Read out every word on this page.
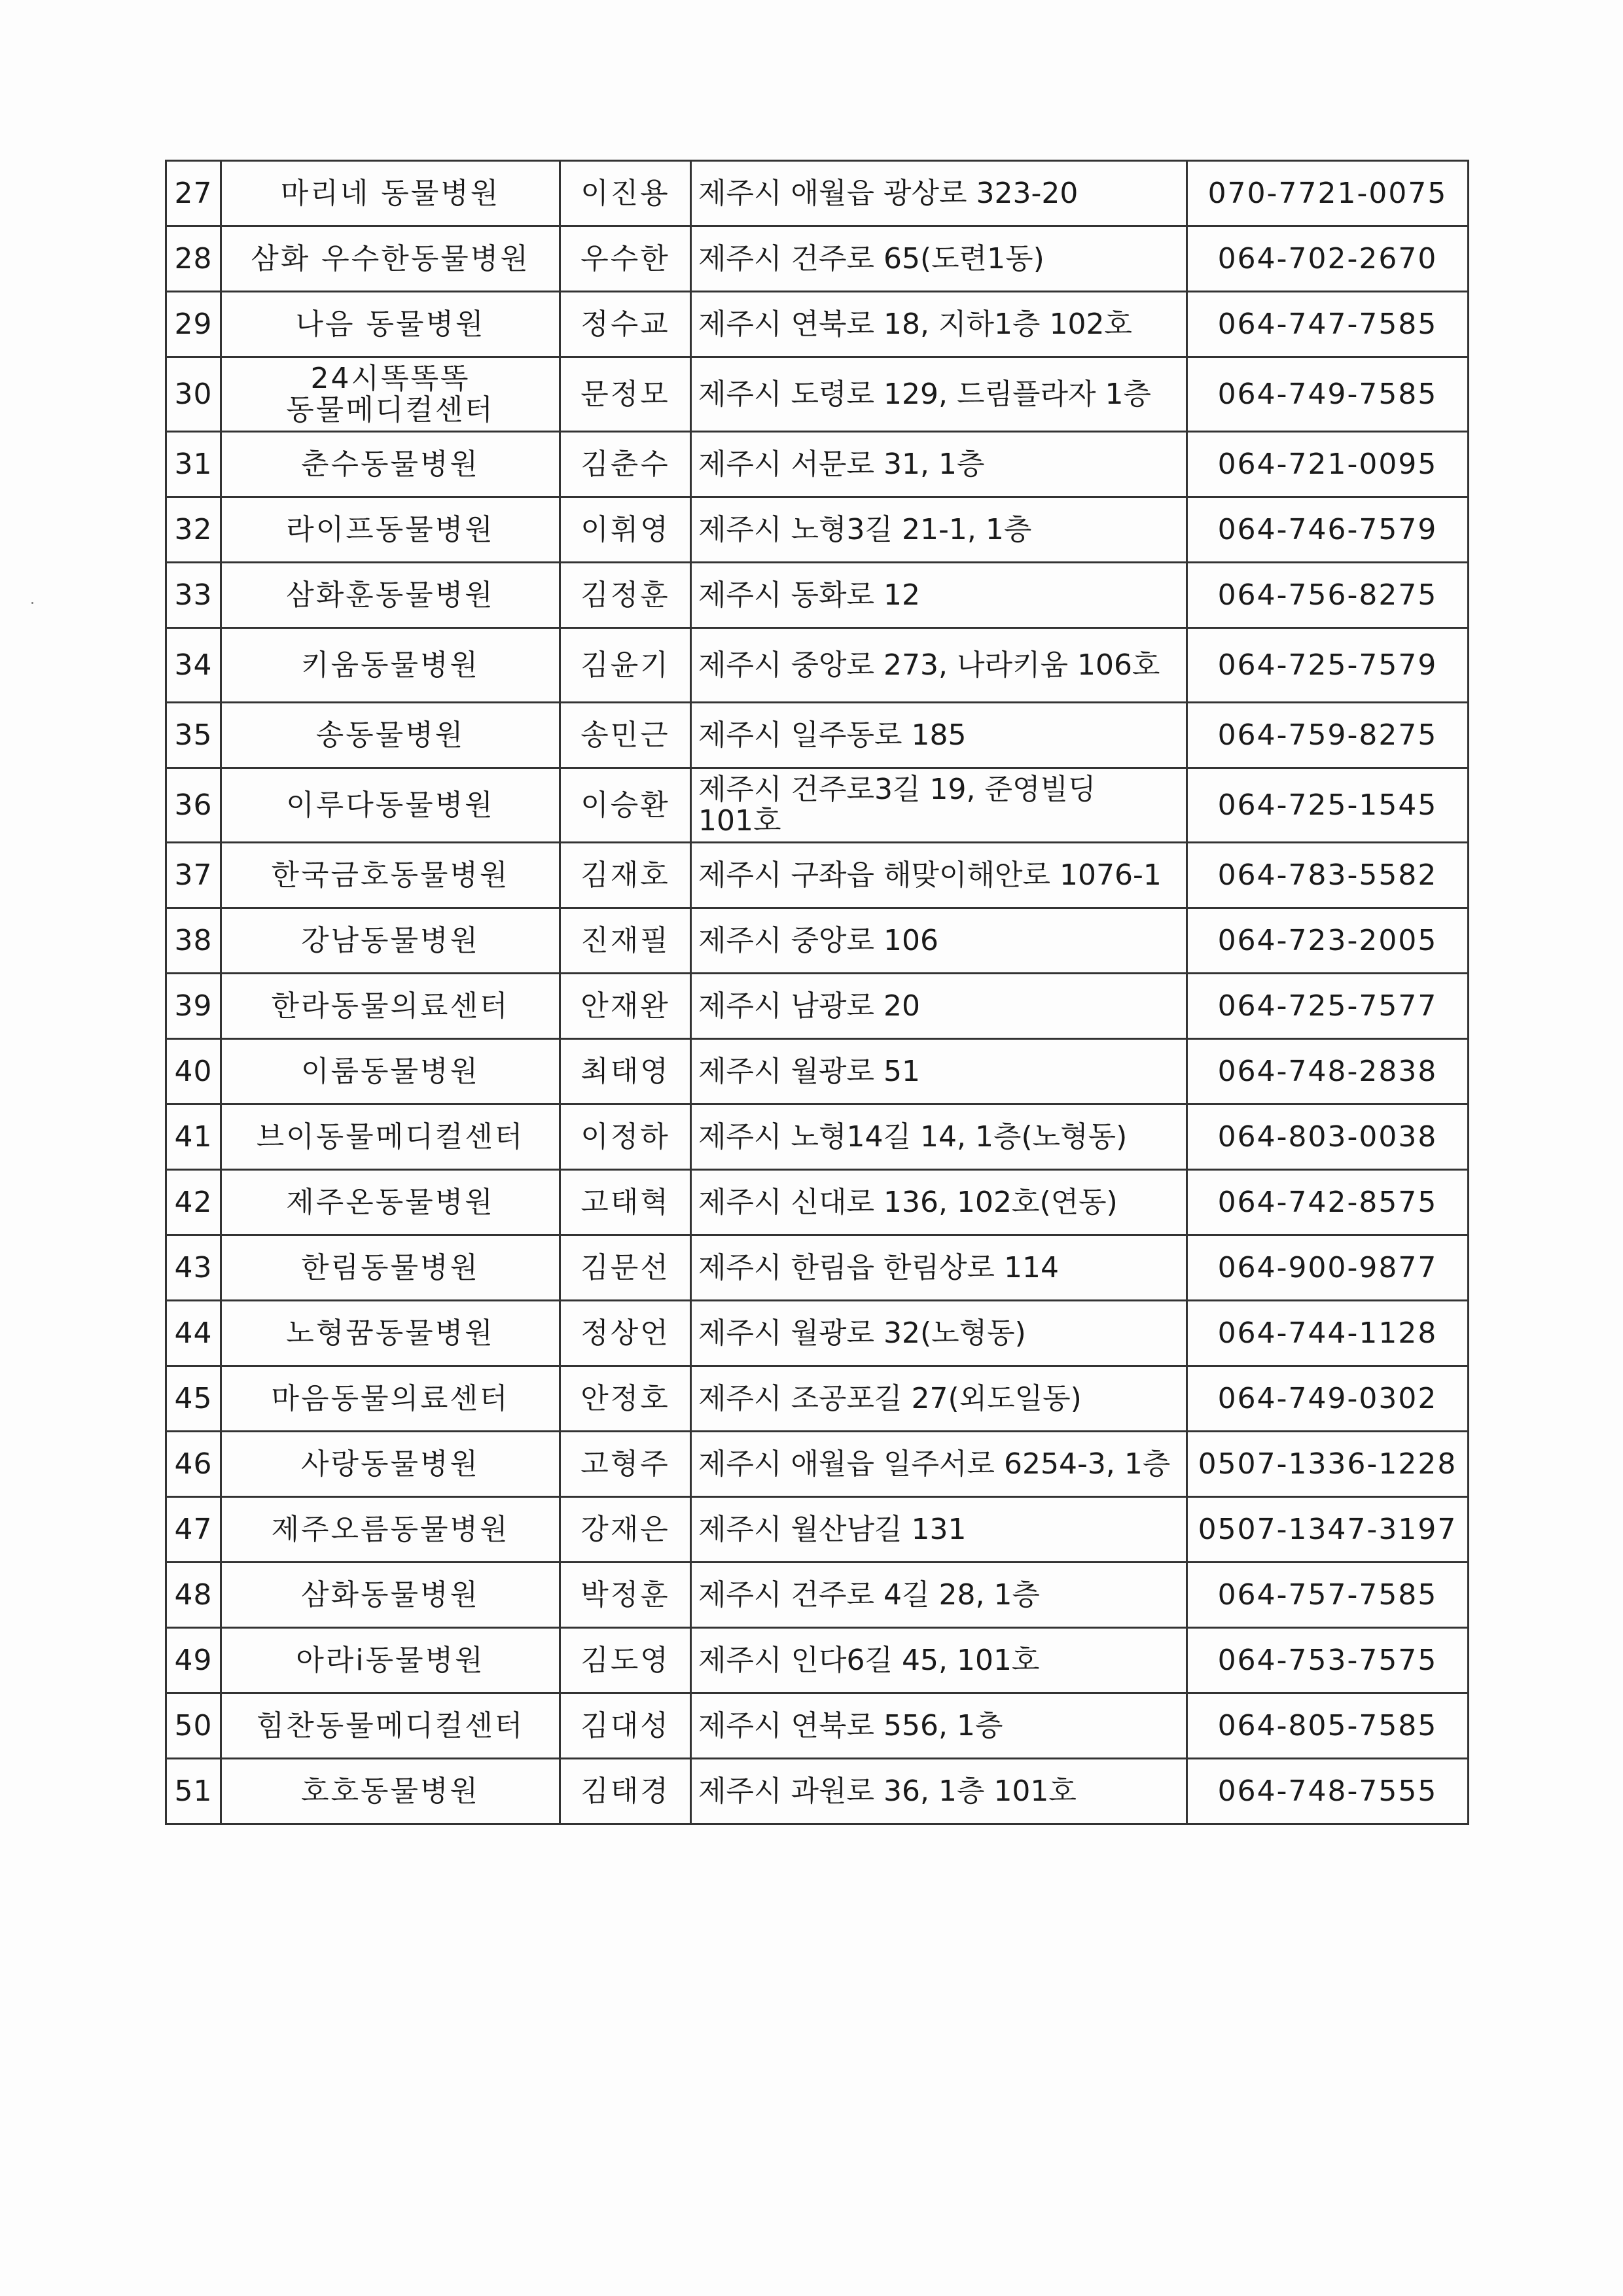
27	마리네 동물병원	이진용	제주시 애월읍 광상로 323-20	070-7721-0075
28	삼화 우수한동물병원	우수한	제주시 건주로 65(도련1동)	064-702-2670
29	나음 동물병원	정수교	제주시 연북로 18, 지하1층 102호	064-747-7585
30	24시똑똑똑 동물메디컬센터	문정모	제주시 도령로 129, 드림플라자 1층	064-749-7585
31	춘수동물병원	김춘수	제주시 서문로 31, 1층	064-721-0095
32	라이프동물병원	이휘영	제주시 노형3길 21-1, 1층	064-746-7579
33	삼화훈동물병원	김정훈	제주시 동화로 12	064-756-8275
34	키움동물병원	김윤기	제주시 중앙로 273, 나라키움 106호	064-725-7579
35	송동물병원	송민근	제주시 일주동로 185	064-759-8275
36	이루다동물병원	이승환	제주시 건주로3길 19, 준영빌딩 101호	064-725-1545
37	한국금호동물병원	김재호	제주시 구좌읍 해맞이해안로 1076-1	064-783-5582
38	강남동물병원	진재필	제주시 중앙로 106	064-723-2005
39	한라동물의료센터	안재완	제주시 남광로 20	064-725-7577
40	이룸동물병원	최태영	제주시 월광로 51	064-748-2838
41	브이동물메디컬센터	이정하	제주시 노형14길 14, 1층(노형동)	064-803-0038
42	제주온동물병원	고태혁	제주시 신대로 136, 102호(연동)	064-742-8575
43	한림동물병원	김문선	제주시 한림읍 한림상로 114	064-900-9877
44	노형꿈동물병원	정상언	제주시 월광로 32(노형동)	064-744-1128
45	마음동물의료센터	안정호	제주시 조공포길 27(외도일동)	064-749-0302
46	사랑동물병원	고형주	제주시 애월읍 일주서로 6254-3, 1층	0507-1336-1228
47	제주오름동물병원	강재은	제주시 월산남길 131	0507-1347-3197
48	삼화동물병원	박정훈	제주시 건주로 4길 28, 1층	064-757-7585
49	아라i동물병원	김도영	제주시 인다6길 45, 101호	064-753-7575
50	힘찬동물메디컬센터	김대성	제주시 연북로 556, 1층	064-805-7585
51	호호동물병원	김태경	제주시 과원로 36, 1층 101호	064-748-7555
